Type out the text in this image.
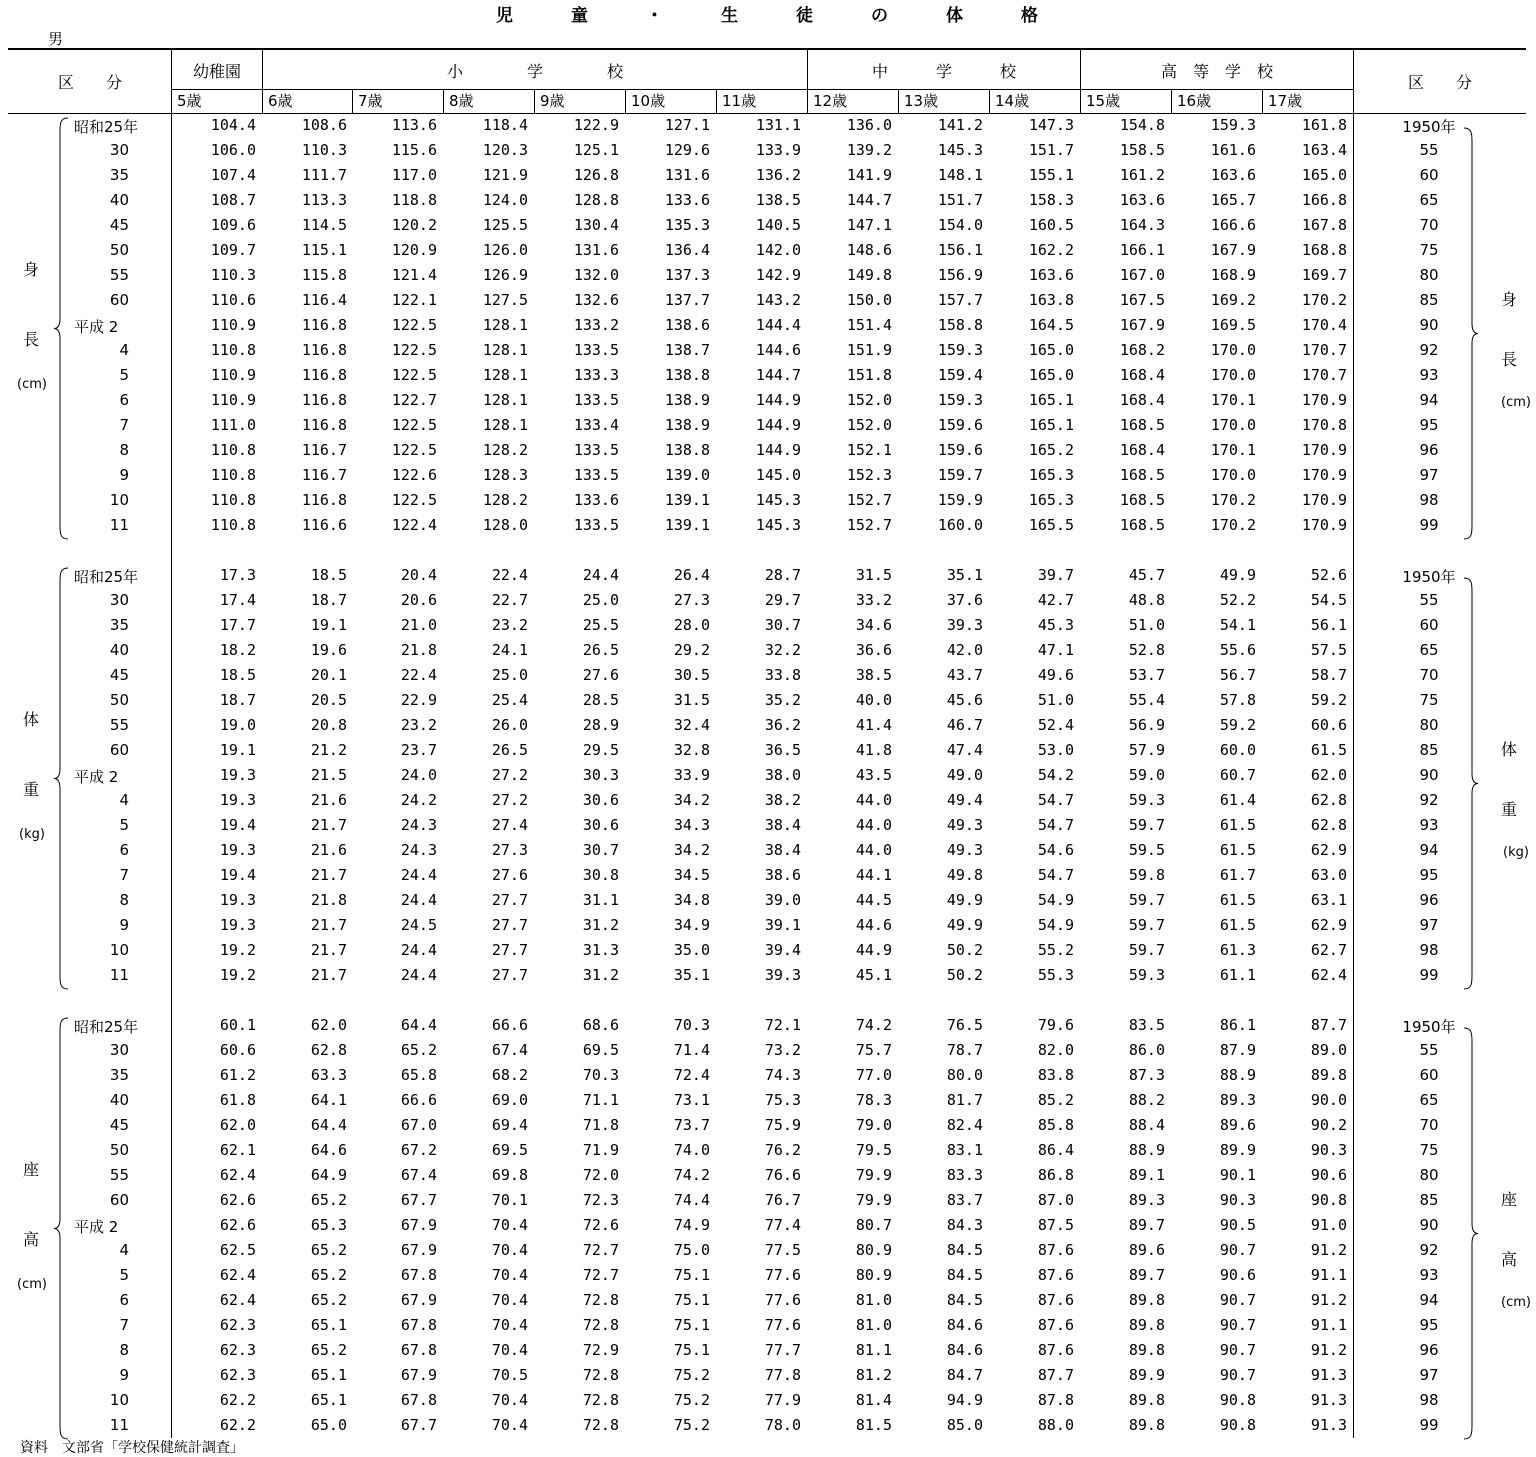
児	童	・	生	徒	の	体	格
男
区　　分	区　　分
幼稚園	小　　　　学　　　　校	中　　　学　　　校	高　等　学　校
5歳	6歳	7歳	8歳	9歳	10歳	11歳	12歳	13歳	14歳	15歳	16歳	17歳
昭和25年	104.4	108.6	113.6	118.4	122.9	127.1	131.1	136.0	141.2	147.3	154.8	159.3	161.8	1950年
30	106.0	110.3	115.6	120.3	125.1	129.6	133.9	139.2	145.3	151.7	158.5	161.6	163.4	55
35	107.4	111.7	117.0	121.9	126.8	131.6	136.2	141.9	148.1	155.1	161.2	163.6	165.0	60
40	108.7	113.3	118.8	124.0	128.8	133.6	138.5	144.7	151.7	158.3	163.6	165.7	166.8	65
45	109.6	114.5	120.2	125.5	130.4	135.3	140.5	147.1	154.0	160.5	164.3	166.6	167.8	70
50	109.7	115.1	120.9	126.0	131.6	136.4	142.0	148.6	156.1	162.2	166.1	167.9	168.8	75
55	110.3	115.8	121.4	126.9	132.0	137.3	142.9	149.8	156.9	163.6	167.0	168.9	169.7	80
60	110.6	116.4	122.1	127.5	132.6	137.7	143.2	150.0	157.7	163.8	167.5	169.2	170.2	85
平成 2	110.9	116.8	122.5	128.1	133.2	138.6	144.4	151.4	158.8	164.5	167.9	169.5	170.4	90
4	110.8	116.8	122.5	128.1	133.5	138.7	144.6	151.9	159.3	165.0	168.2	170.0	170.7	92
5	110.9	116.8	122.5	128.1	133.3	138.8	144.7	151.8	159.4	165.0	168.4	170.0	170.7	93
6	110.9	116.8	122.7	128.1	133.5	138.9	144.9	152.0	159.3	165.1	168.4	170.1	170.9	94
7	111.0	116.8	122.5	128.1	133.4	138.9	144.9	152.0	159.6	165.1	168.5	170.0	170.8	95
8	110.8	116.7	122.5	128.2	133.5	138.8	144.9	152.1	159.6	165.2	168.4	170.1	170.9	96
9	110.8	116.7	122.6	128.3	133.5	139.0	145.0	152.3	159.7	165.3	168.5	170.0	170.9	97
10	110.8	116.8	122.5	128.2	133.6	139.1	145.3	152.7	159.9	165.3	168.5	170.2	170.9	98
11	110.8	116.6	122.4	128.0	133.5	139.1	145.3	152.7	160.0	165.5	168.5	170.2	170.9	99
身
長
(cm)
身
長
(cm)
昭和25年	17.3	18.5	20.4	22.4	24.4	26.4	28.7	31.5	35.1	39.7	45.7	49.9	52.6	1950年
30	17.4	18.7	20.6	22.7	25.0	27.3	29.7	33.2	37.6	42.7	48.8	52.2	54.5	55
35	17.7	19.1	21.0	23.2	25.5	28.0	30.7	34.6	39.3	45.3	51.0	54.1	56.1	60
40	18.2	19.6	21.8	24.1	26.5	29.2	32.2	36.6	42.0	47.1	52.8	55.6	57.5	65
45	18.5	20.1	22.4	25.0	27.6	30.5	33.8	38.5	43.7	49.6	53.7	56.7	58.7	70
50	18.7	20.5	22.9	25.4	28.5	31.5	35.2	40.0	45.6	51.0	55.4	57.8	59.2	75
55	19.0	20.8	23.2	26.0	28.9	32.4	36.2	41.4	46.7	52.4	56.9	59.2	60.6	80
60	19.1	21.2	23.7	26.5	29.5	32.8	36.5	41.8	47.4	53.0	57.9	60.0	61.5	85
平成 2	19.3	21.5	24.0	27.2	30.3	33.9	38.0	43.5	49.0	54.2	59.0	60.7	62.0	90
4	19.3	21.6	24.2	27.2	30.6	34.2	38.2	44.0	49.4	54.7	59.3	61.4	62.8	92
5	19.4	21.7	24.3	27.4	30.6	34.3	38.4	44.0	49.3	54.7	59.7	61.5	62.8	93
6	19.3	21.6	24.3	27.3	30.7	34.2	38.4	44.0	49.3	54.6	59.5	61.5	62.9	94
7	19.4	21.7	24.4	27.6	30.8	34.5	38.6	44.1	49.8	54.7	59.8	61.7	63.0	95
8	19.3	21.8	24.4	27.7	31.1	34.8	39.0	44.5	49.9	54.9	59.7	61.5	63.1	96
9	19.3	21.7	24.5	27.7	31.2	34.9	39.1	44.6	49.9	54.9	59.7	61.5	62.9	97
10	19.2	21.7	24.4	27.7	31.3	35.0	39.4	44.9	50.2	55.2	59.7	61.3	62.7	98
11	19.2	21.7	24.4	27.7	31.2	35.1	39.3	45.1	50.2	55.3	59.3	61.1	62.4	99
体
重
(kg)
体
重
(kg)
昭和25年	60.1	62.0	64.4	66.6	68.6	70.3	72.1	74.2	76.5	79.6	83.5	86.1	87.7	1950年
30	60.6	62.8	65.2	67.4	69.5	71.4	73.2	75.7	78.7	82.0	86.0	87.9	89.0	55
35	61.2	63.3	65.8	68.2	70.3	72.4	74.3	77.0	80.0	83.8	87.3	88.9	89.8	60
40	61.8	64.1	66.6	69.0	71.1	73.1	75.3	78.3	81.7	85.2	88.2	89.3	90.0	65
45	62.0	64.4	67.0	69.4	71.8	73.7	75.9	79.0	82.4	85.8	88.4	89.6	90.2	70
50	62.1	64.6	67.2	69.5	71.9	74.0	76.2	79.5	83.1	86.4	88.9	89.9	90.3	75
55	62.4	64.9	67.4	69.8	72.0	74.2	76.6	79.9	83.3	86.8	89.1	90.1	90.6	80
60	62.6	65.2	67.7	70.1	72.3	74.4	76.7	79.9	83.7	87.0	89.3	90.3	90.8	85
平成 2	62.6	65.3	67.9	70.4	72.6	74.9	77.4	80.7	84.3	87.5	89.7	90.5	91.0	90
4	62.5	65.2	67.9	70.4	72.7	75.0	77.5	80.9	84.5	87.6	89.6	90.7	91.2	92
5	62.4	65.2	67.8	70.4	72.7	75.1	77.6	80.9	84.5	87.6	89.7	90.6	91.1	93
6	62.4	65.2	67.9	70.4	72.8	75.1	77.6	81.0	84.5	87.6	89.8	90.7	91.2	94
7	62.3	65.1	67.8	70.4	72.8	75.1	77.6	81.0	84.6	87.6	89.8	90.7	91.1	95
8	62.3	65.2	67.8	70.4	72.9	75.1	77.7	81.1	84.6	87.6	89.8	90.7	91.2	96
9	62.3	65.1	67.9	70.5	72.8	75.2	77.8	81.2	84.7	87.7	89.9	90.7	91.3	97
10	62.2	65.1	67.8	70.4	72.8	75.2	77.9	81.4	94.9	87.8	89.8	90.8	91.3	98
11	62.2	65.0	67.7	70.4	72.8	75.2	78.0	81.5	85.0	88.0	89.8	90.8	91.3	99
座
高
(cm)
座
高
(cm)
資料　文部省「学校保健統計調査」
